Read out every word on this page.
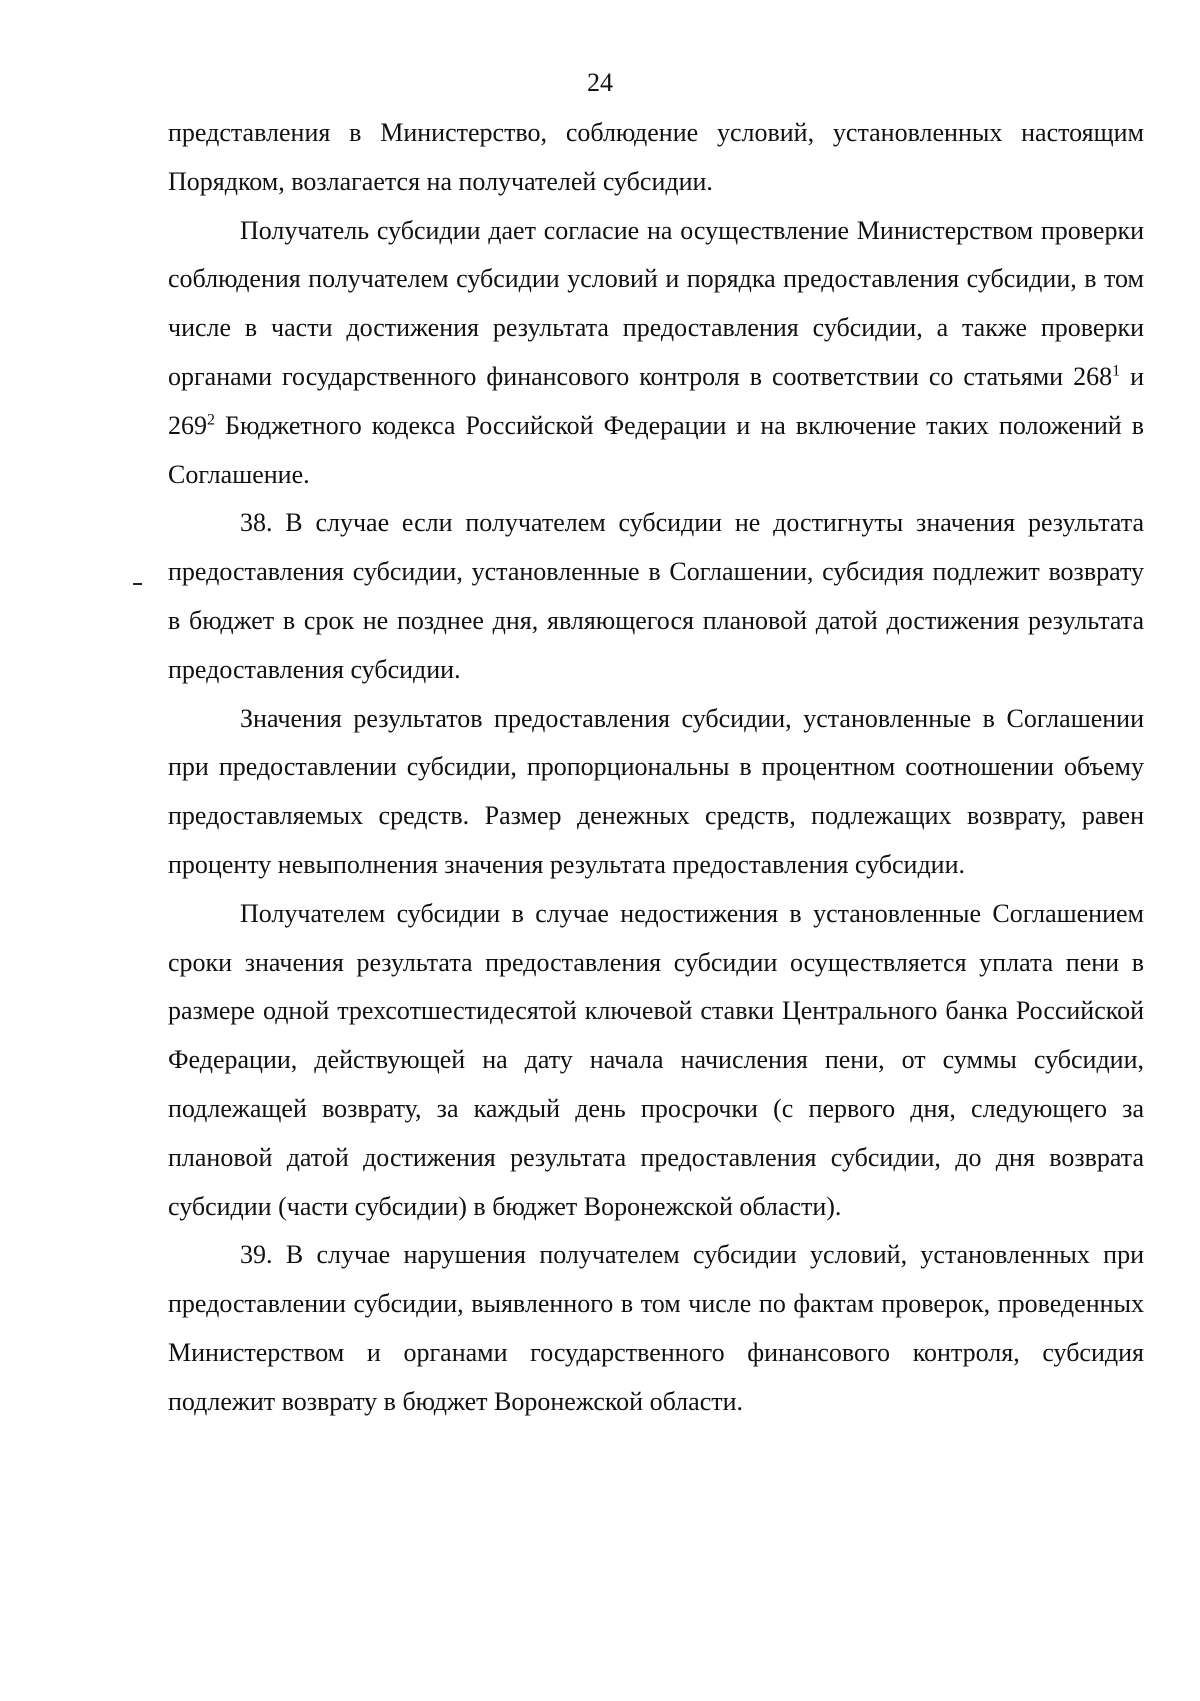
24

представления в Министерство, соблюдение условий, установленных настоящим Порядком, возлагается на получателей субсидии.

Получатель субсидии дает согласие на осуществление Министерством проверки соблюдения получателем субсидии условий и порядка предоставления субсидии, в том числе в части достижения результата предоставления субсидии, а также проверки органами государственного финансового контроля в соответствии со статьями $268^1$ и $269^2$ Бюджетного кодекса Российской Федерации и на включение таких положений в Соглашение.

38. В случае если получателем субсидии не достигнуты значения результата предоставления субсидии, установленные в Соглашении, субсидия подлежит возврату в бюджет в срок не позднее дня, являющегося плановой датой достижения результата предоставления субсидии.

Значения результатов предоставления субсидии, установленные в Соглашении при предоставлении субсидии, пропорциональны в процентном соотношении объему предоставляемых средств. Размер денежных средств, подлежащих возврату, равен проценту невыполнения значения результата предоставления субсидии.

Получателем субсидии в случае недостижения в установленные Соглашением сроки значения результата предоставления субсидии осуществляется уплата пени в размере одной трехсотшестидесятой ключевой ставки Центрального банка Российской Федерации, действующей на дату начала начисления пени, от суммы субсидии, подлежащей возврату, за каждый день просрочки (с первого дня, следующего за плановой датой достижения результата предоставления субсидии, до дня возврата субсидии (части субсидии) в бюджет Воронежской области).

39. В случае нарушения получателем субсидии условий, установленных при предоставлении субсидии, выявленного в том числе по фактам проверок, проведенных Министерством и органами государственного финансового контроля, субсидия подлежит возврату в бюджет Воронежской области.
